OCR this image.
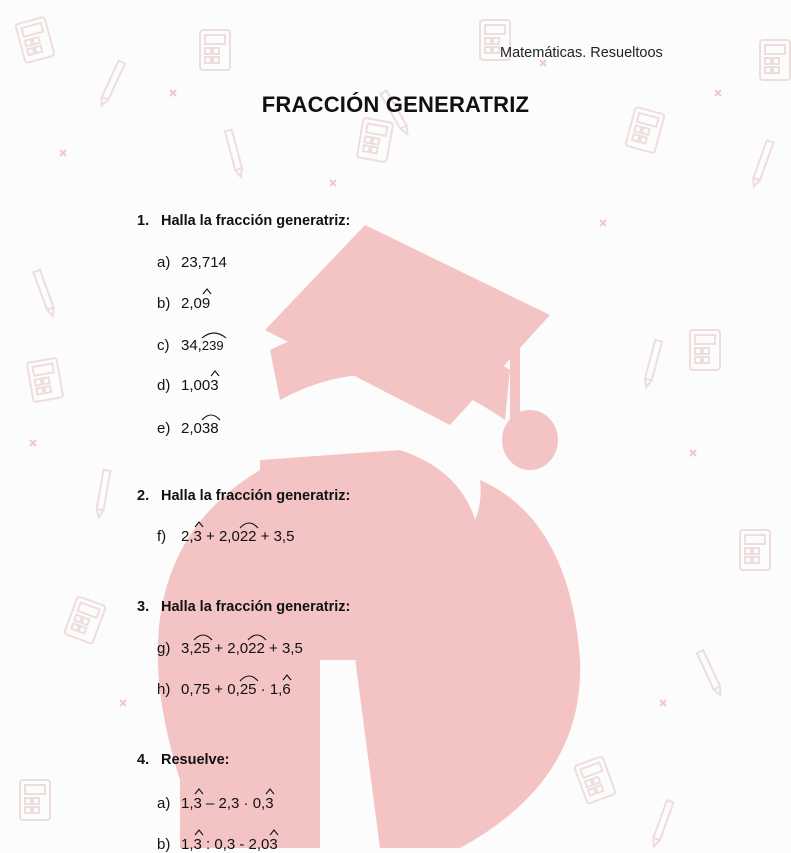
Matemáticas. Resueltoos
FRACCIÓN GENERATRIZ
1. Halla la fracción generatriz:
a) 23,714
b) 2,0
9
c) 34,
239
d) 1,00
3
e) 2,0
38
2. Halla la fracción generatriz:
f) 2,
3 + 2,0
22 + 3,5
3. Halla la fracción generatriz:
g) 3,
25 + 2,0
22 + 3,5
h) 0,75 + 0,
25 · 1,
6
4. Resuelve:
a) 1,
3 – 2,3 · 0,
3
b) 1,
3 : 0,3 - 2,0
3
